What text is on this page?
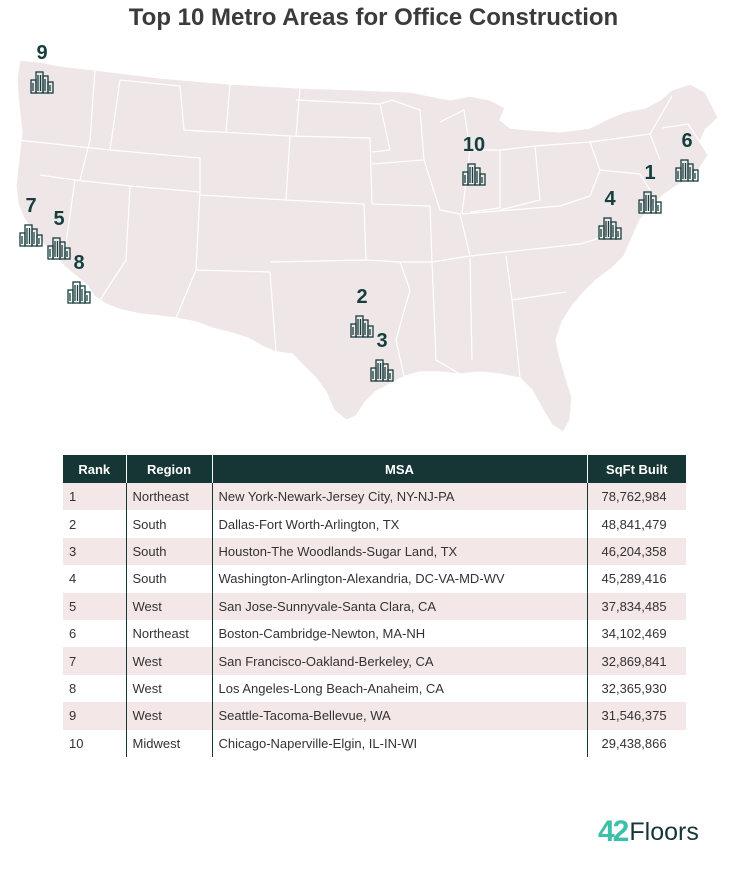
Top 10 Metro Areas for Office Construction
9
10	6
1
4
7
5
8
2
3
Rank	Region	MSA	SqFt Built
1	Northeast	New York-Newark-Jersey City, NY-NJ-PA	78,762,984
2	South	Dallas-Fort Worth-Arlington, TX	48,841,479
3	South	Houston-The Woodlands-Sugar Land, TX	46,204,358
4	South	Washington-Arlington-Alexandria, DC-VA-MD-WV	45,289,416
5	West	San Jose-Sunnyvale-Santa Clara, CA	37,834,485
6	Northeast	Boston-Cambridge-Newton, MA-NH	34,102,469
7	West	San Francisco-Oakland-Berkeley, CA	32,869,841
8	West	Los Angeles-Long Beach-Anaheim, CA	32,365,930
9	West	Seattle-Tacoma-Bellevue, WA	31,546,375
10	Midwest	Chicago-Naperville-Elgin, IL-IN-WI	29,438,866
42 Floors
